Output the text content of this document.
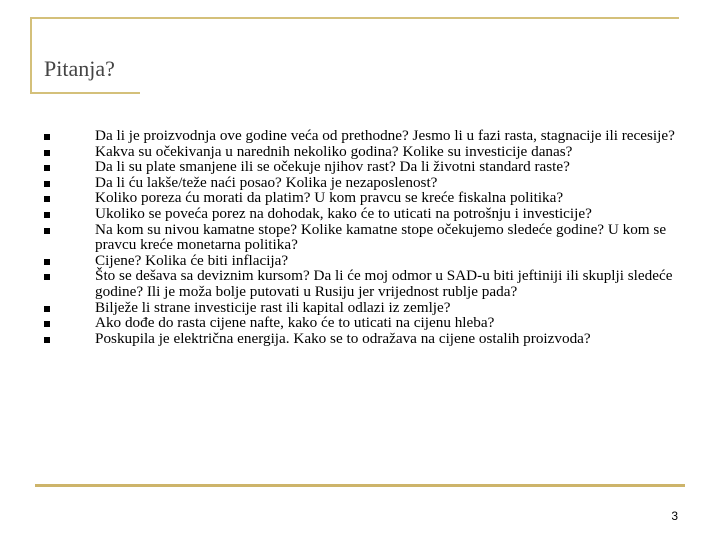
Pitanja?
Da li je proizvodnja ove godine veća od prethodne? Jesmo li u fazi rasta, stagnacije ili recesije?
Kakva su očekivanja u narednih nekoliko godina? Kolike su investicije danas?
Da li su plate smanjene ili se očekuje njihov rast? Da li životni standard raste?
Da li ću lakše/teže naći posao? Kolika je nezaposlenost?
Koliko poreza ću morati da platim? U kom pravcu se kreće fiskalna politika?
Ukoliko se poveća porez na dohodak, kako će to uticati na potrošnju i investicije?
Na kom su nivou kamatne stope? Kolike kamatne stope očekujemo sledeće godine? U kom se pravcu kreće monetarna politika?
Cijene? Kolika će biti inflacija?
Što se dešava sa deviznim kursom? Da li će moj odmor u SAD-u biti jeftiniji ili skuplji sledeće godine? Ili je moža bolje putovati u Rusiju jer vrijednost rublje pada?
Bilježe li strane investicije rast ili kapital odlazi iz zemlje?
Ako dođe do rasta cijene nafte, kako će to uticati na cijenu hleba?
Poskupila je električna energija. Kako se to odražava na cijene ostalih proizvoda?
3
